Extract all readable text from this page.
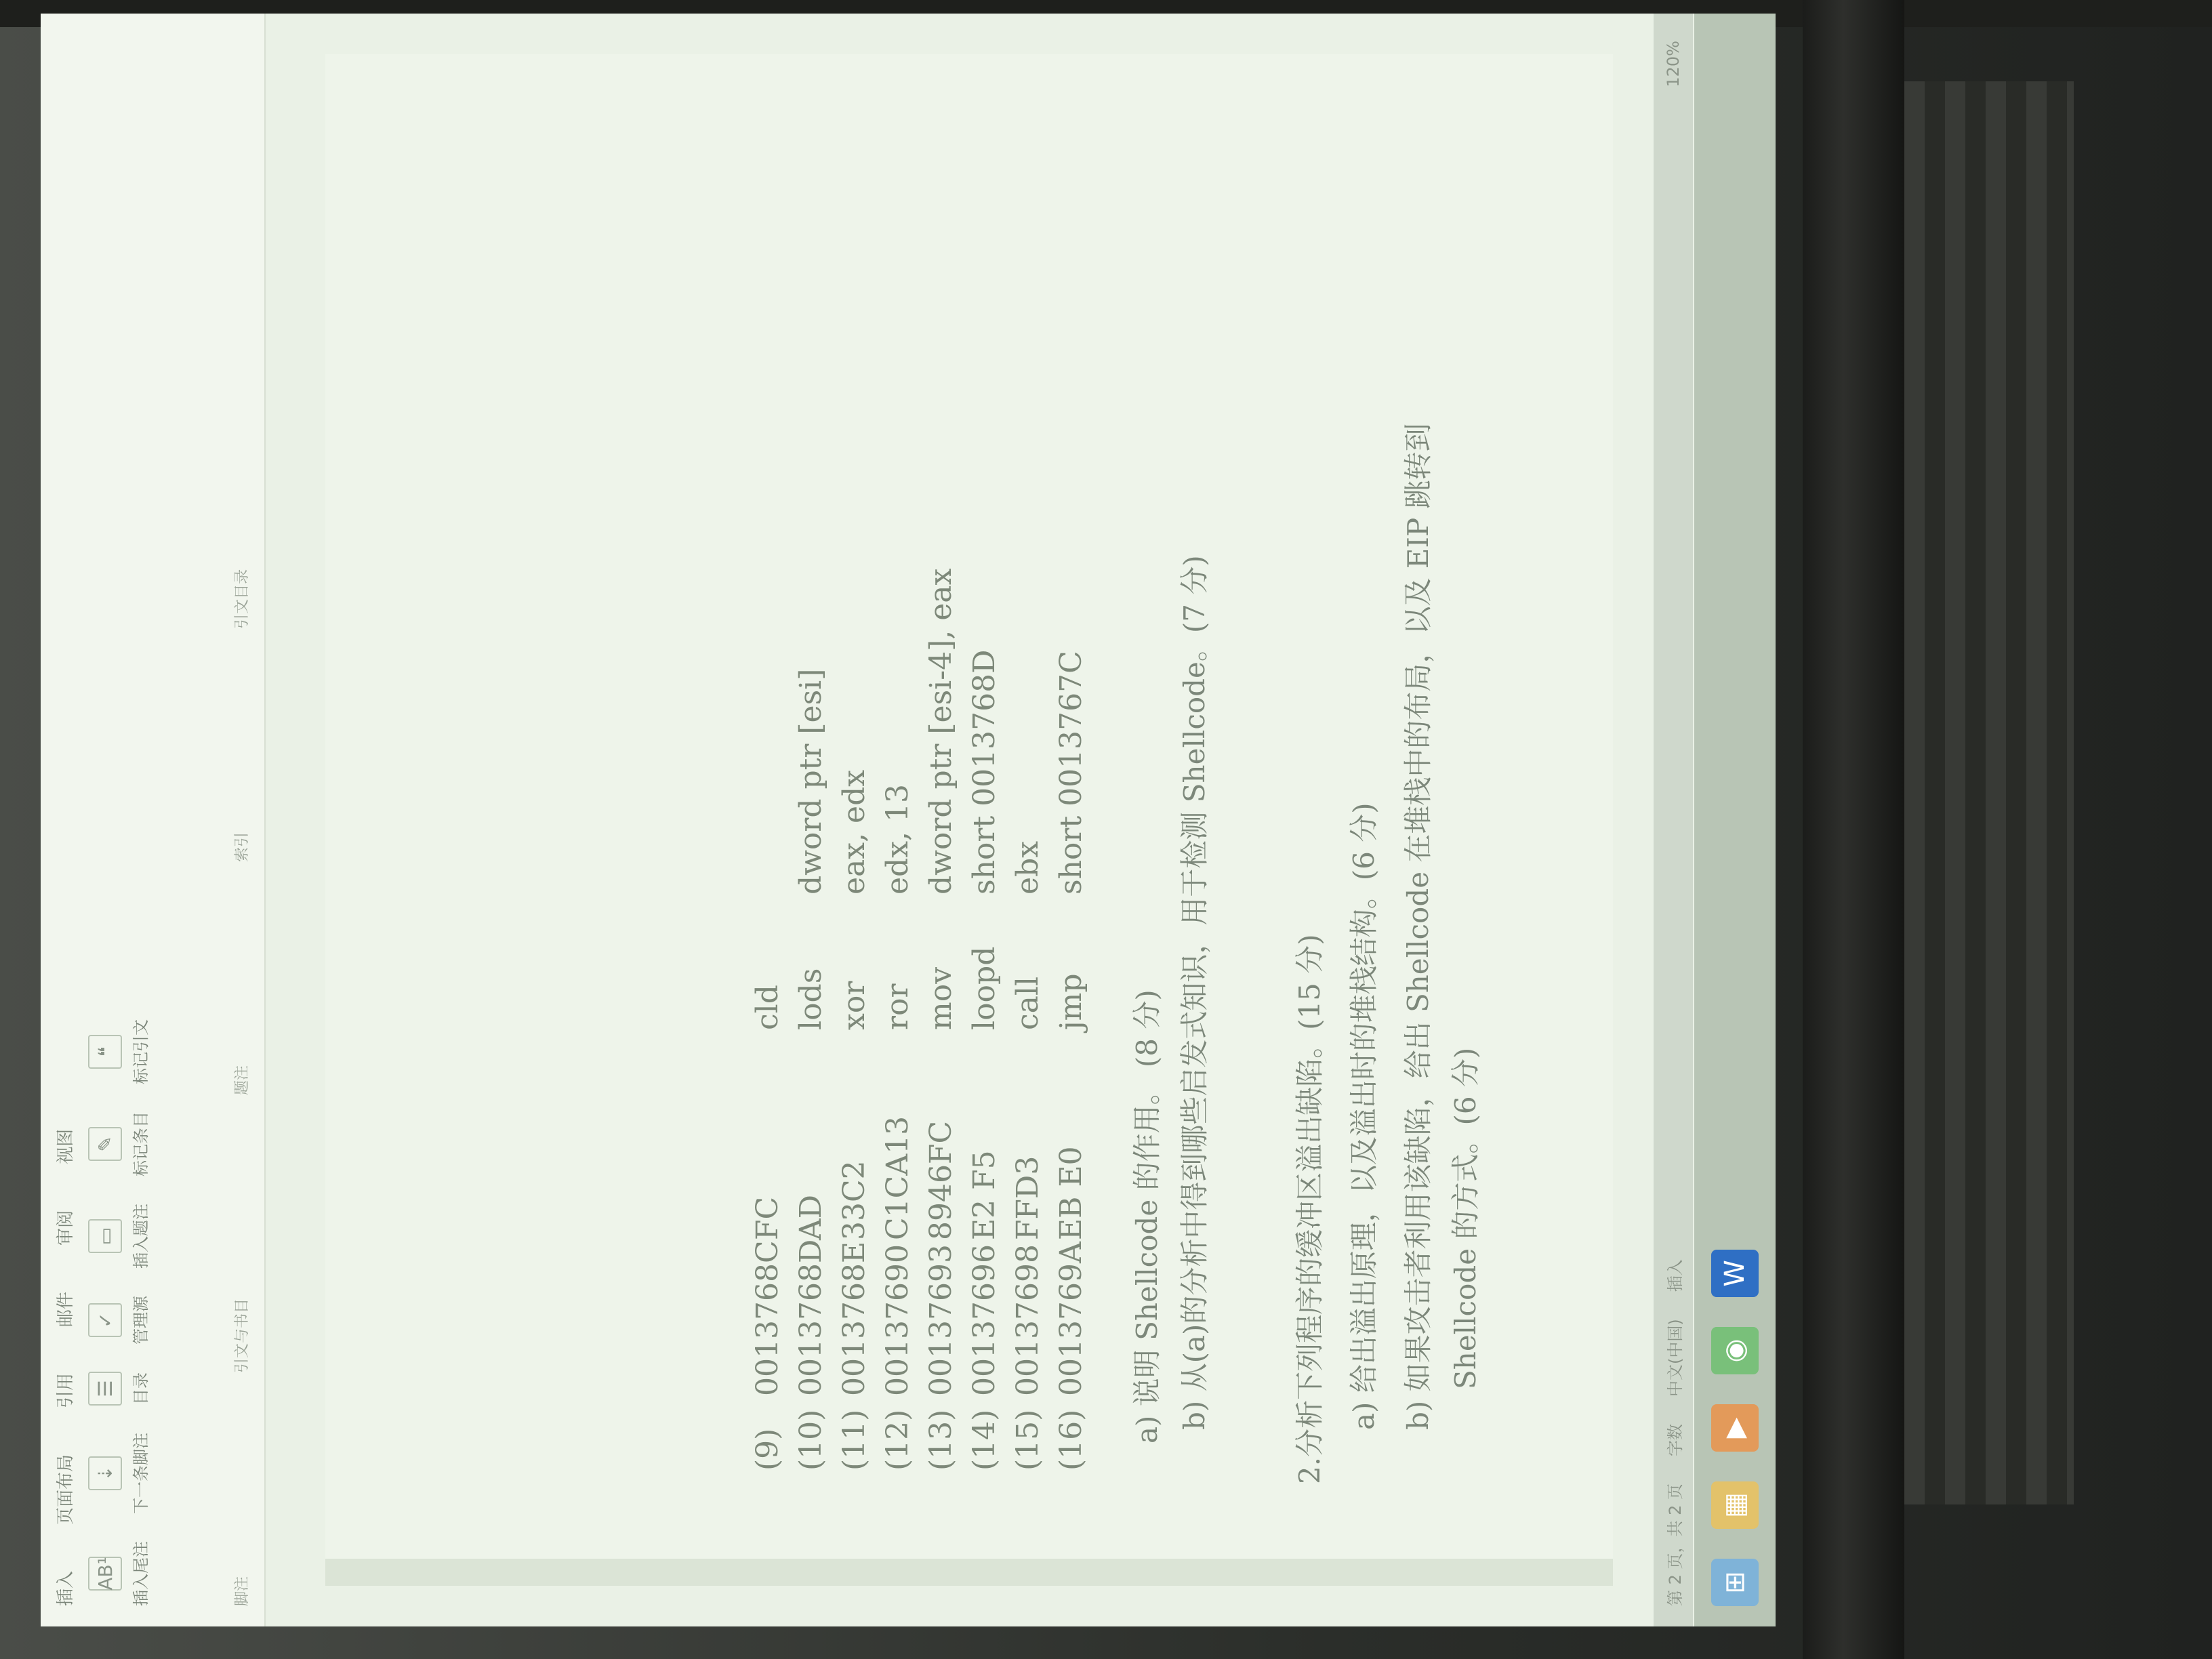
插入
页面布局
引用
邮件
审阅
视图
AB¹ 插入尾注
⇣ 下一条脚注
☰ 目录
✓ 管理源
▭ 插入题注
✎ 标记条目
❝ 标记引文
脚注
引文与书目
题注
索引
引文目录
(9)
0013768C
FC
cld
(10)
0013768D
AD
lods
dword ptr [esi]
(11)
0013768E
33C2
xor
eax, edx
(12)
00137690
C1CA13
ror
edx, 13
(13)
00137693
8946FC
mov
dword ptr [esi-4], eax
(14)
00137696
E2 F5
loopd
short 0013768D
(15)
00137698
FFD3
call
ebx
(16)
0013769A
EB E0
jmp
short 0013767C
a) 说明 Shellcode 的作用。 (8 分) b) 从(a)的分析中得到哪些启发式知识，用于检测 Shellcode。(7 分)	2.分析下列程序的缓冲区溢出缺陷。(15 分) a) 给出溢出原理，以及溢出时的堆栈结构。(6 分) b) 如果攻击者利用该缺陷，给出 Shellcode 在堆栈中的布局，以及 EIP 跳转到 Shellcode 的方式。(6 分)
第 2 页，共 2 页
字数
中文(中国)
插入
120%
⊞
▦
▶
◉
W
